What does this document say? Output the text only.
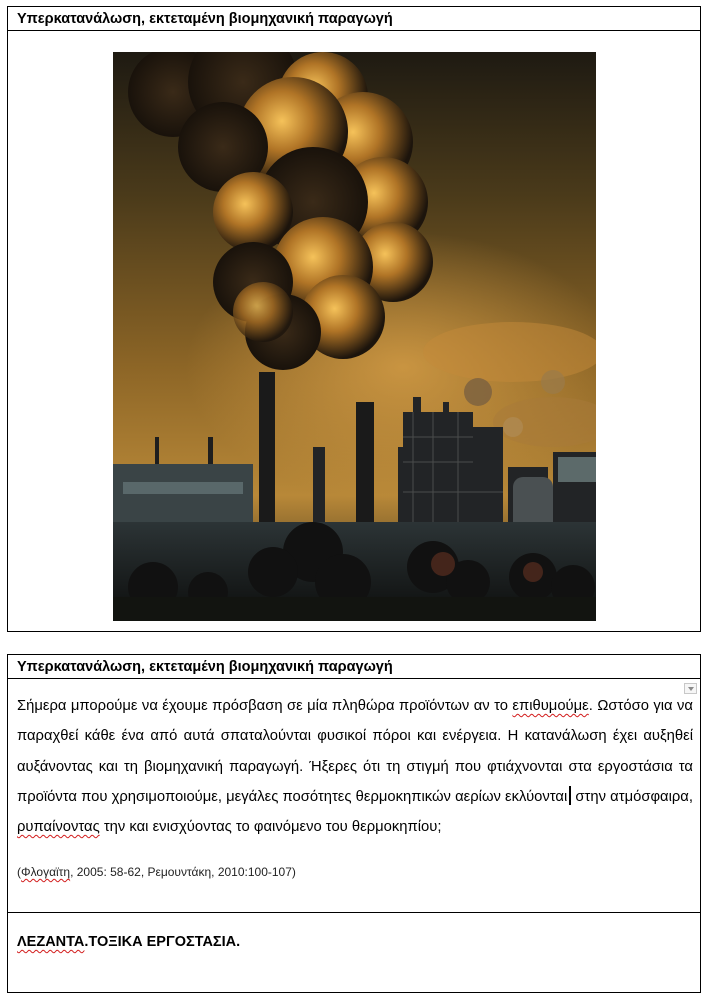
Υπερκατανάλωση, εκτεταμένη βιομηχανική παραγωγή
Υπερκατανάλωση, εκτεταμένη βιομηχανική παραγωγή

Σήμερα μπορούμε να έχουμε πρόσβαση σε μία πληθώρα προϊόντων αν το επιθυμούμε. Ωστόσο για να παραχθεί κάθε ένα από αυτά σπαταλούνται φυσικοί πόροι και ενέργεια. Η κατανάλωση έχει αυξηθεί αυξάνοντας και τη βιομηχανική παραγωγή. Ήξερες ότι τη στιγμή που φτιάχνονται στα εργοστάσια τα προϊόντα που χρησιμοποιούμε, μεγάλες ποσότητες θερμοκηπικών αερίων εκλύονται στην ατμόσφαιρα, ρυπαίνοντας την και ενισχύοντας το φαινόμενο του θερμοκηπίου;

(Φλογαϊτη, 2005: 58-62, Ρεμουντάκη, 2010:100-107)
ΛΕΖΑΝΤΑ.ΤΟΞΙΚΑ ΕΡΓΟΣΤΑΣΙΑ.
